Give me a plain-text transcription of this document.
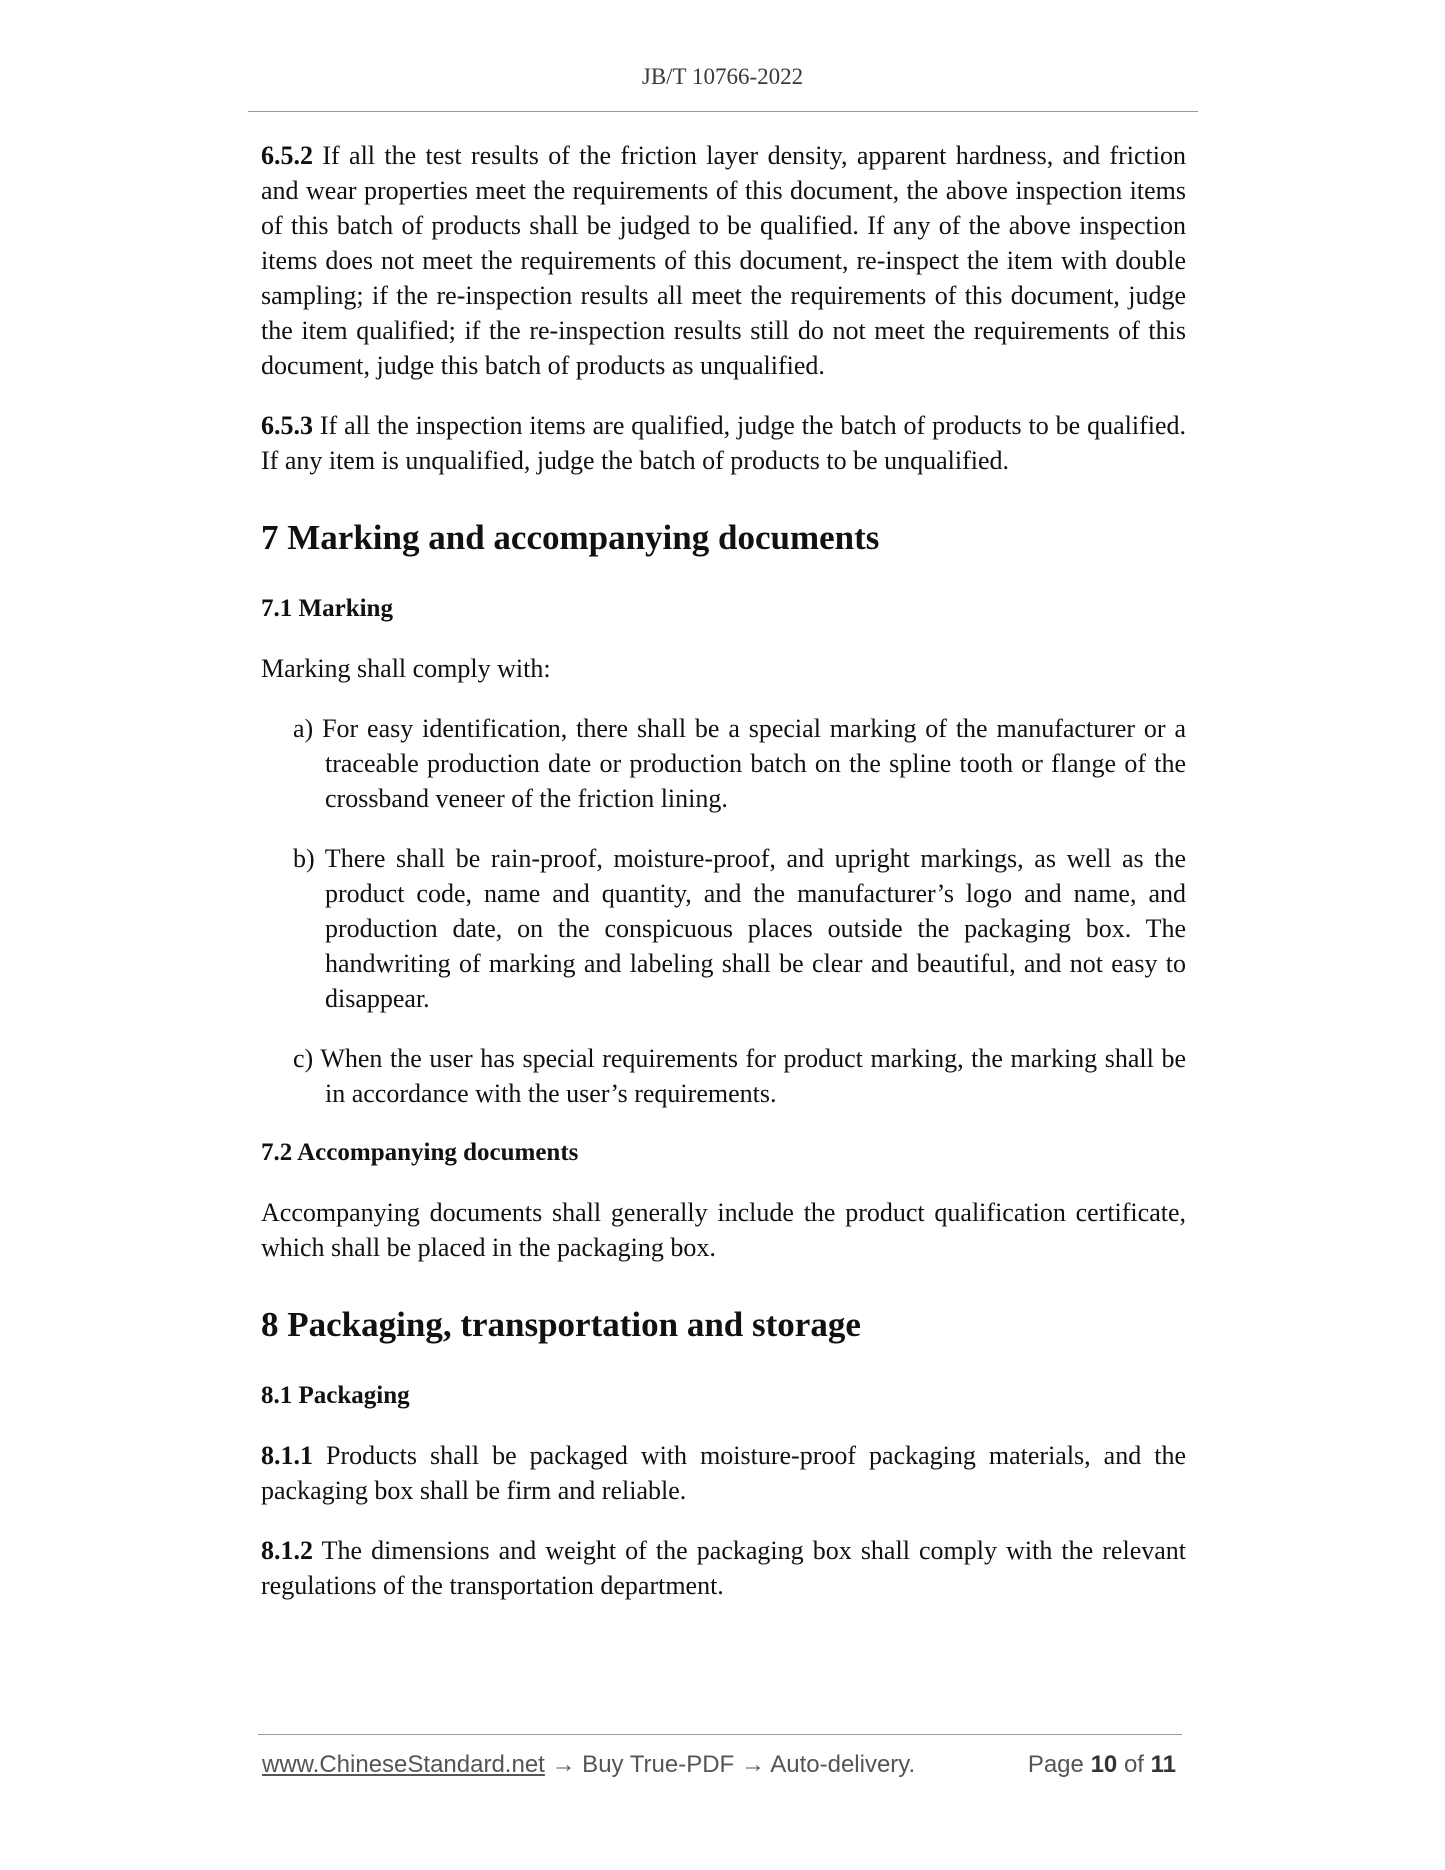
JB/T 10766-2022

6.5.2 If all the test results of the friction layer density, apparent hardness, and friction and wear properties meet the requirements of this document, the above inspection items of this batch of products shall be judged to be qualified. If any of the above inspection items does not meet the requirements of this document, re-inspect the item with double sampling; if the re-inspection results all meet the requirements of this document, judge the item qualified; if the re-inspection results still do not meet the requirements of this document, judge this batch of products as unqualified.

6.5.3 If all the inspection items are qualified, judge the batch of products to be qualified. If any item is unqualified, judge the batch of products to be unqualified.

7 Marking and accompanying documents
7.1 Marking

Marking shall comply with:

a) For easy identification, there shall be a special marking of the manufacturer or a traceable production date or production batch on the spline tooth or flange of the crossband veneer of the friction lining.

b) There shall be rain-proof, moisture-proof, and upright markings, as well as the product code, name and quantity, and the manufacturer’s logo and name, and production date, on the conspicuous places outside the packaging box. The handwriting of marking and labeling shall be clear and beautiful, and not easy to disappear.

c) When the user has special requirements for product marking, the marking shall be in accordance with the user’s requirements.

7.2 Accompanying documents

Accompanying documents shall generally include the product qualification certificate, which shall be placed in the packaging box.

8 Packaging, transportation and storage
8.1 Packaging

8.1.1 Products shall be packaged with moisture-proof packaging materials, and the packaging box shall be firm and reliable.

8.1.2 The dimensions and weight of the packaging box shall comply with the relevant regulations of the transportation department.

www.ChineseStandard.net → Buy True-PDF → Auto-delivery.	Page 10 of 11
